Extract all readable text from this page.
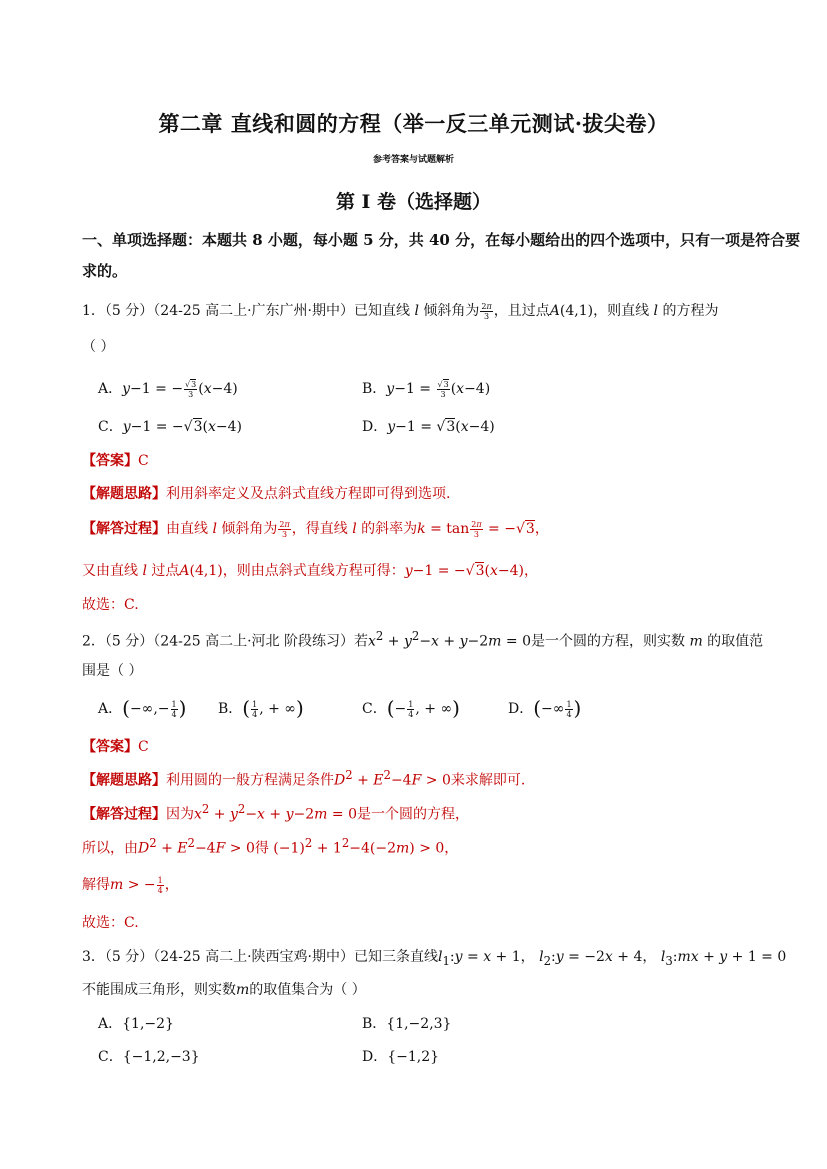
第二章 直线和圆的方程（举一反三单元测试·拔尖卷）
参考答案与试题解析
第 I 卷（选择题）
一、单项选择题：本题共 8 小题，每小题 5 分，共 40 分，在每小题给出的四个选项中，只有一项是符合要
求的。
1．（5 分）（24-25 高二上·广东广州·期中）已知直线 l 倾斜角为 $\frac{2\pi}{3}$ ，且过点A(4,1)，则直线 l 的方程为
（ ）
A．y−1 = − $\frac{√3}{3} (x-4)$	B．$y-1 = \frac{√3}{3} (x-4)$
C．y−1 = −√3(x−4)	D．y−1 = √3(x−4)
【答案】C
【解题思路】利用斜率定义及点斜式直线方程即可得到选项.
【解答过程】由直线 l 倾斜角为 $\frac{2\pi}{3}$ ，得直线 l 的斜率为$k = \tan \frac{2\pi}{3} = -√3$，
又由直线 l 过点A(4,1)，则由点斜式直线方程可得：y−1 = −√3(x−4)，
故选：C.
2．（5 分）（24-25 高二上·河北 阶段练习）若$x^2 + y^2-x + y-2m = 0$是一个圆的方程，则实数 m 的取值范
围是（ ）
A．(−∞,− $\frac{1}{4}$ ) B．( $\frac{1}{4}$ , + ∞)	C．(− $\frac{1}{4}$ , + ∞)	D．(−∞ $\frac{1}{4}$ )
【答案】C
【解题思路】利用圆的一般方程满足条件$D^2 + E^2-4F > 0$来求解即可.
【解答过程】因为$x^2 + y^2-x + y-2m = 0$是一个圆的方程，
所以，由$D^2 + E^2-4F > 0$得 $(-1)^2 + 1^2-4(-2m) > 0$，
解得m > − $\frac{1}{4}$ ，
故选：C.
3．（5 分）（24-25 高二上·陕西宝鸡·期中）已知三条直线$l_1:y = x + 1$， $l_2:y = -2x + 4$， $l_3:mx + y + 1 = 0$
不能围成三角形，则实数m的取值集合为（ ）
A．{1,−2}	B．{1,−2,3}
C．{−1,2,−3}	D．{−1,2}
